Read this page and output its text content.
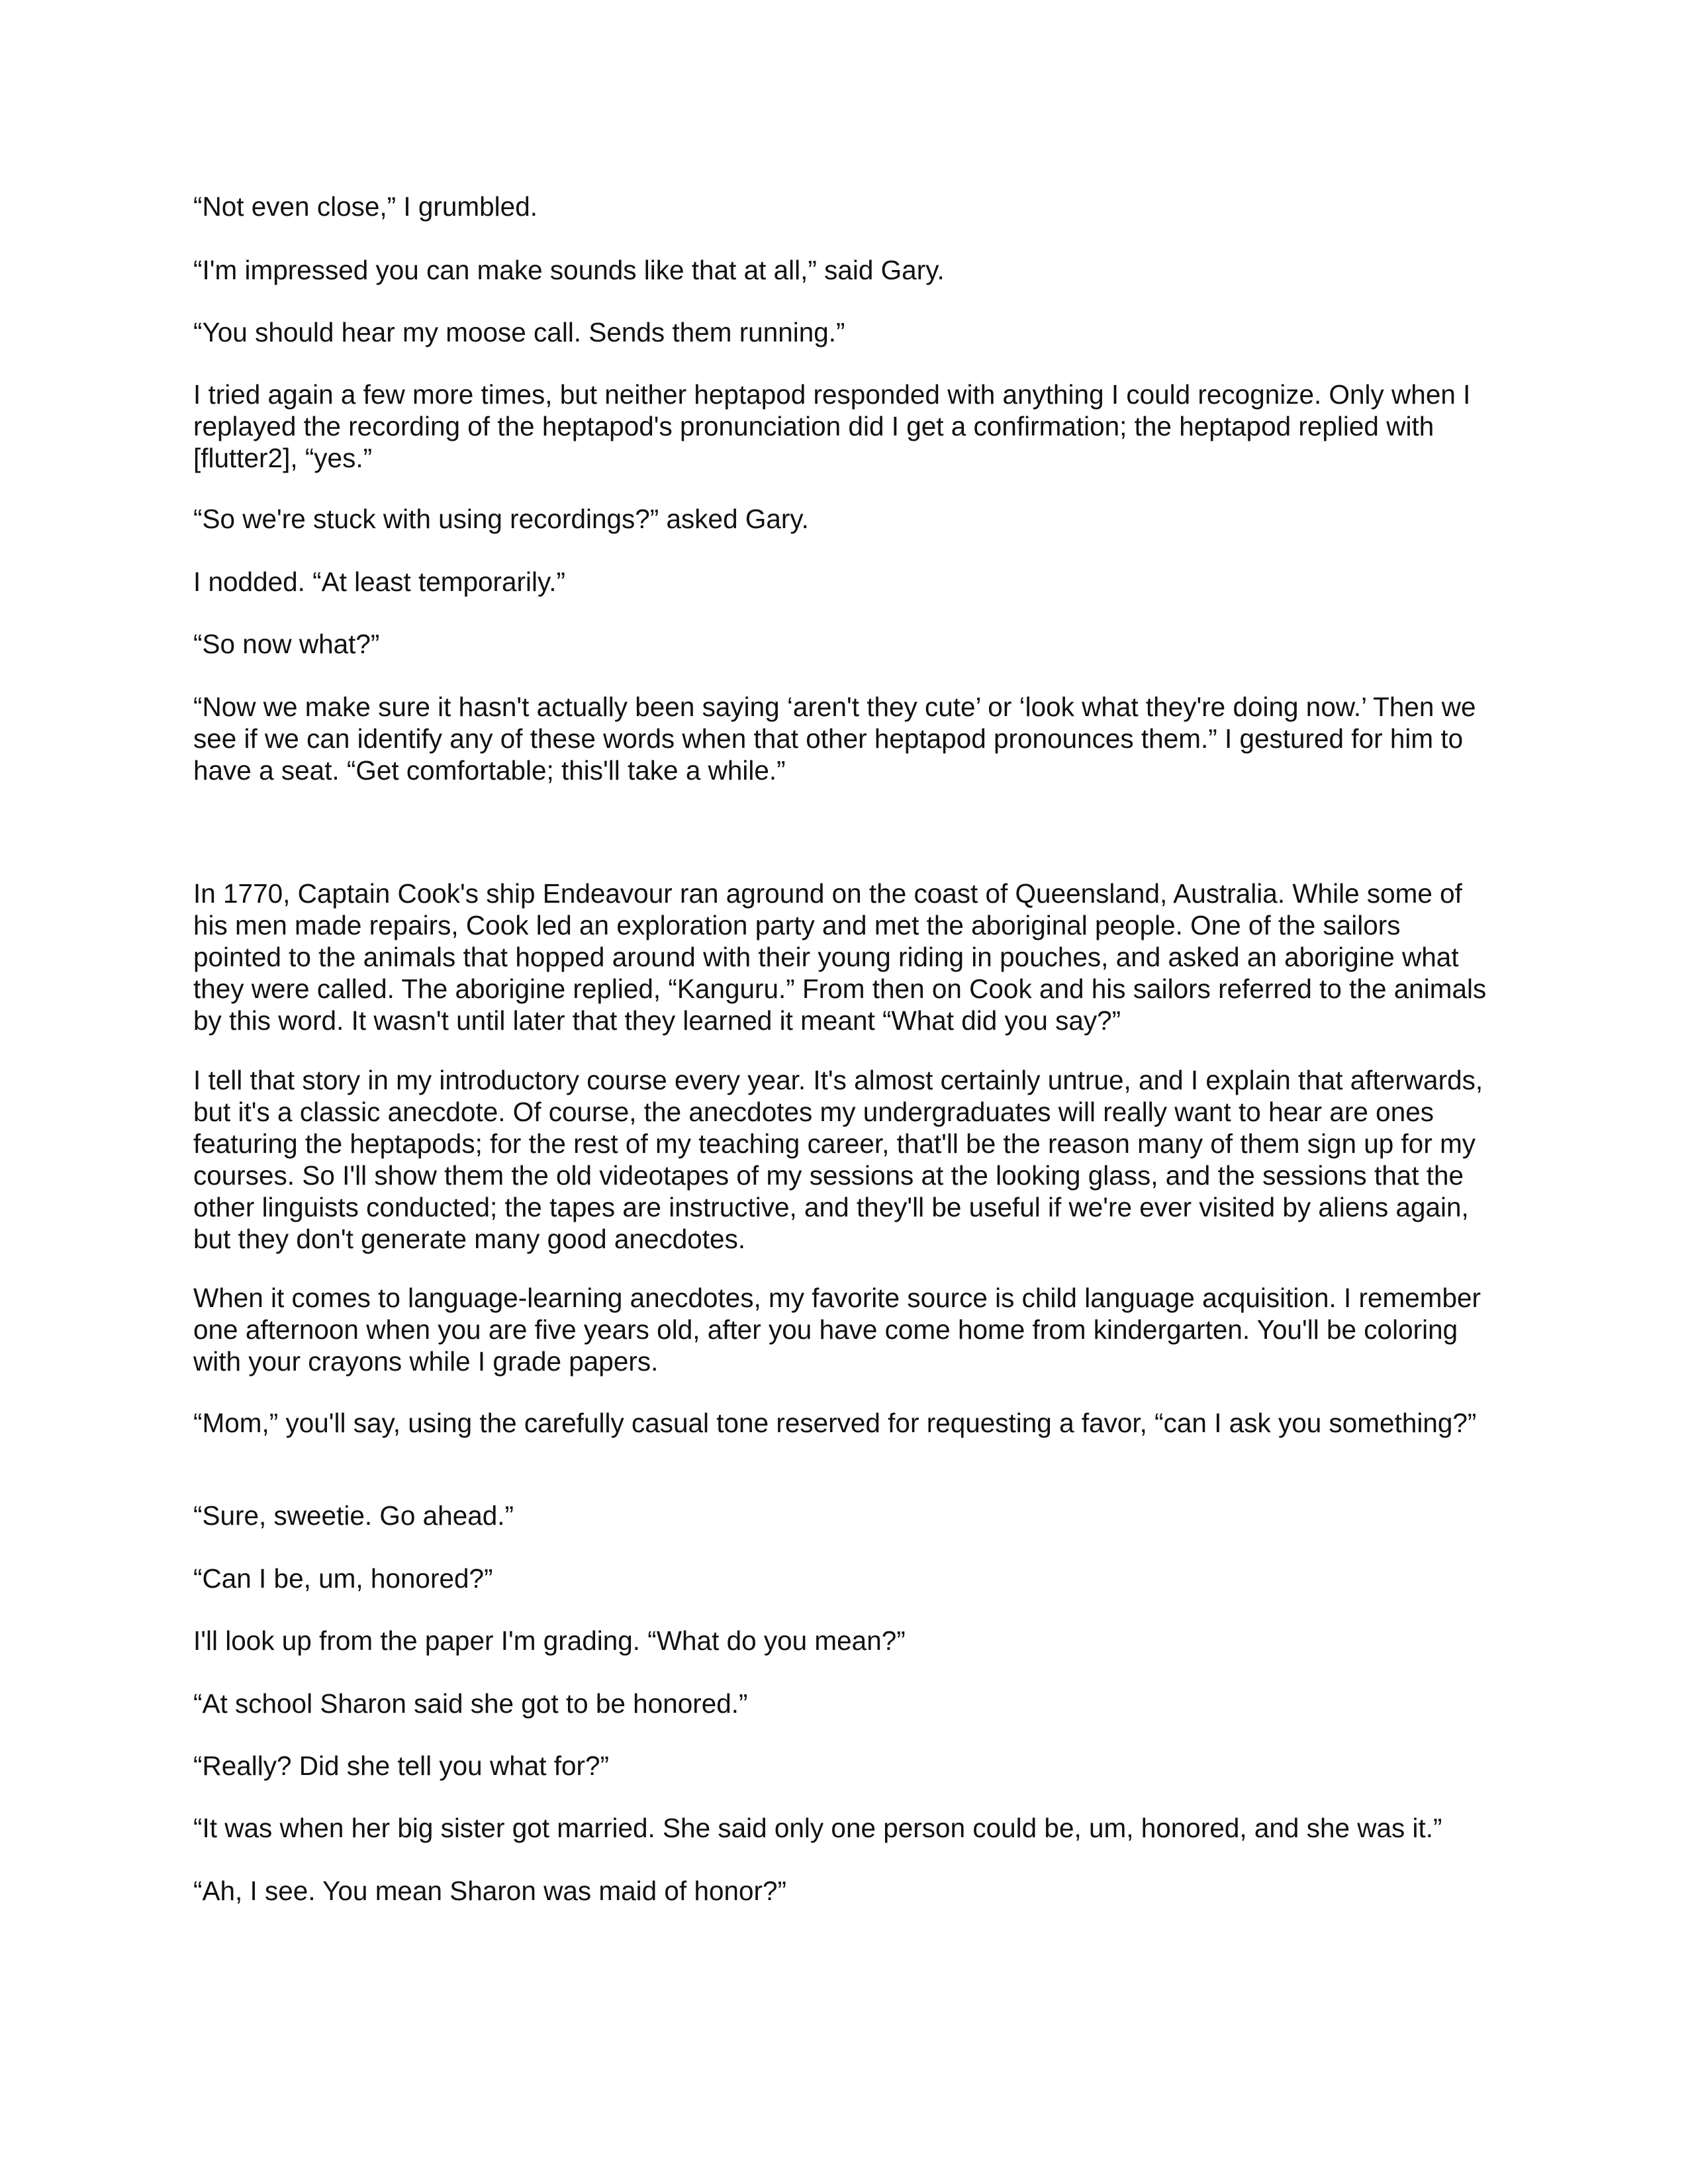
“Not even close,” I grumbled.

“I'm impressed you can make sounds like that at all,” said Gary.

“You should hear my moose call. Sends them running.”

I tried again a few more times, but neither heptapod responded with anything I could recognize. Only when I replayed the recording of the heptapod's pronunciation did I get a confirmation; the heptapod replied with [flutter2], “yes.”

“So we're stuck with using recordings?” asked Gary.

I nodded. “At least temporarily.”

“So now what?”

“Now we make sure it hasn't actually been saying ‘aren't they cute’ or ‘look what they're doing now.’ Then we see if we can identify any of these words when that other heptapod pronounces them.” I gestured for him to have a seat. “Get comfortable; this'll take a while.”

In 1770, Captain Cook's ship Endeavour ran aground on the coast of Queensland, Australia. While some of his men made repairs, Cook led an exploration party and met the aboriginal people. One of the sailors pointed to the animals that hopped around with their young riding in pouches, and asked an aborigine what they were called. The aborigine replied, “Kanguru.” From then on Cook and his sailors referred to the animals by this word. It wasn't until later that they learned it meant “What did you say?”

I tell that story in my introductory course every year. It's almost certainly untrue, and I explain that afterwards, but it's a classic anecdote. Of course, the anecdotes my undergraduates will really want to hear are ones featuring the heptapods; for the rest of my teaching career, that'll be the reason many of them sign up for my courses. So I'll show them the old videotapes of my sessions at the looking glass, and the sessions that the other linguists conducted; the tapes are instructive, and they'll be useful if we're ever visited by aliens again, but they don't generate many good anecdotes.

When it comes to language-learning anecdotes, my favorite source is child language acquisition. I remember one afternoon when you are five years old, after you have come home from kindergarten. You'll be coloring with your crayons while I grade papers.

“Mom,” you'll say, using the carefully casual tone reserved for requesting a favor, “can I ask you something?”

“Sure, sweetie. Go ahead.”

“Can I be, um, honored?”

I'll look up from the paper I'm grading. “What do you mean?”

“At school Sharon said she got to be honored.”

“Really? Did she tell you what for?”

“It was when her big sister got married. She said only one person could be, um, honored, and she was it.”

“Ah, I see. You mean Sharon was maid of honor?”
